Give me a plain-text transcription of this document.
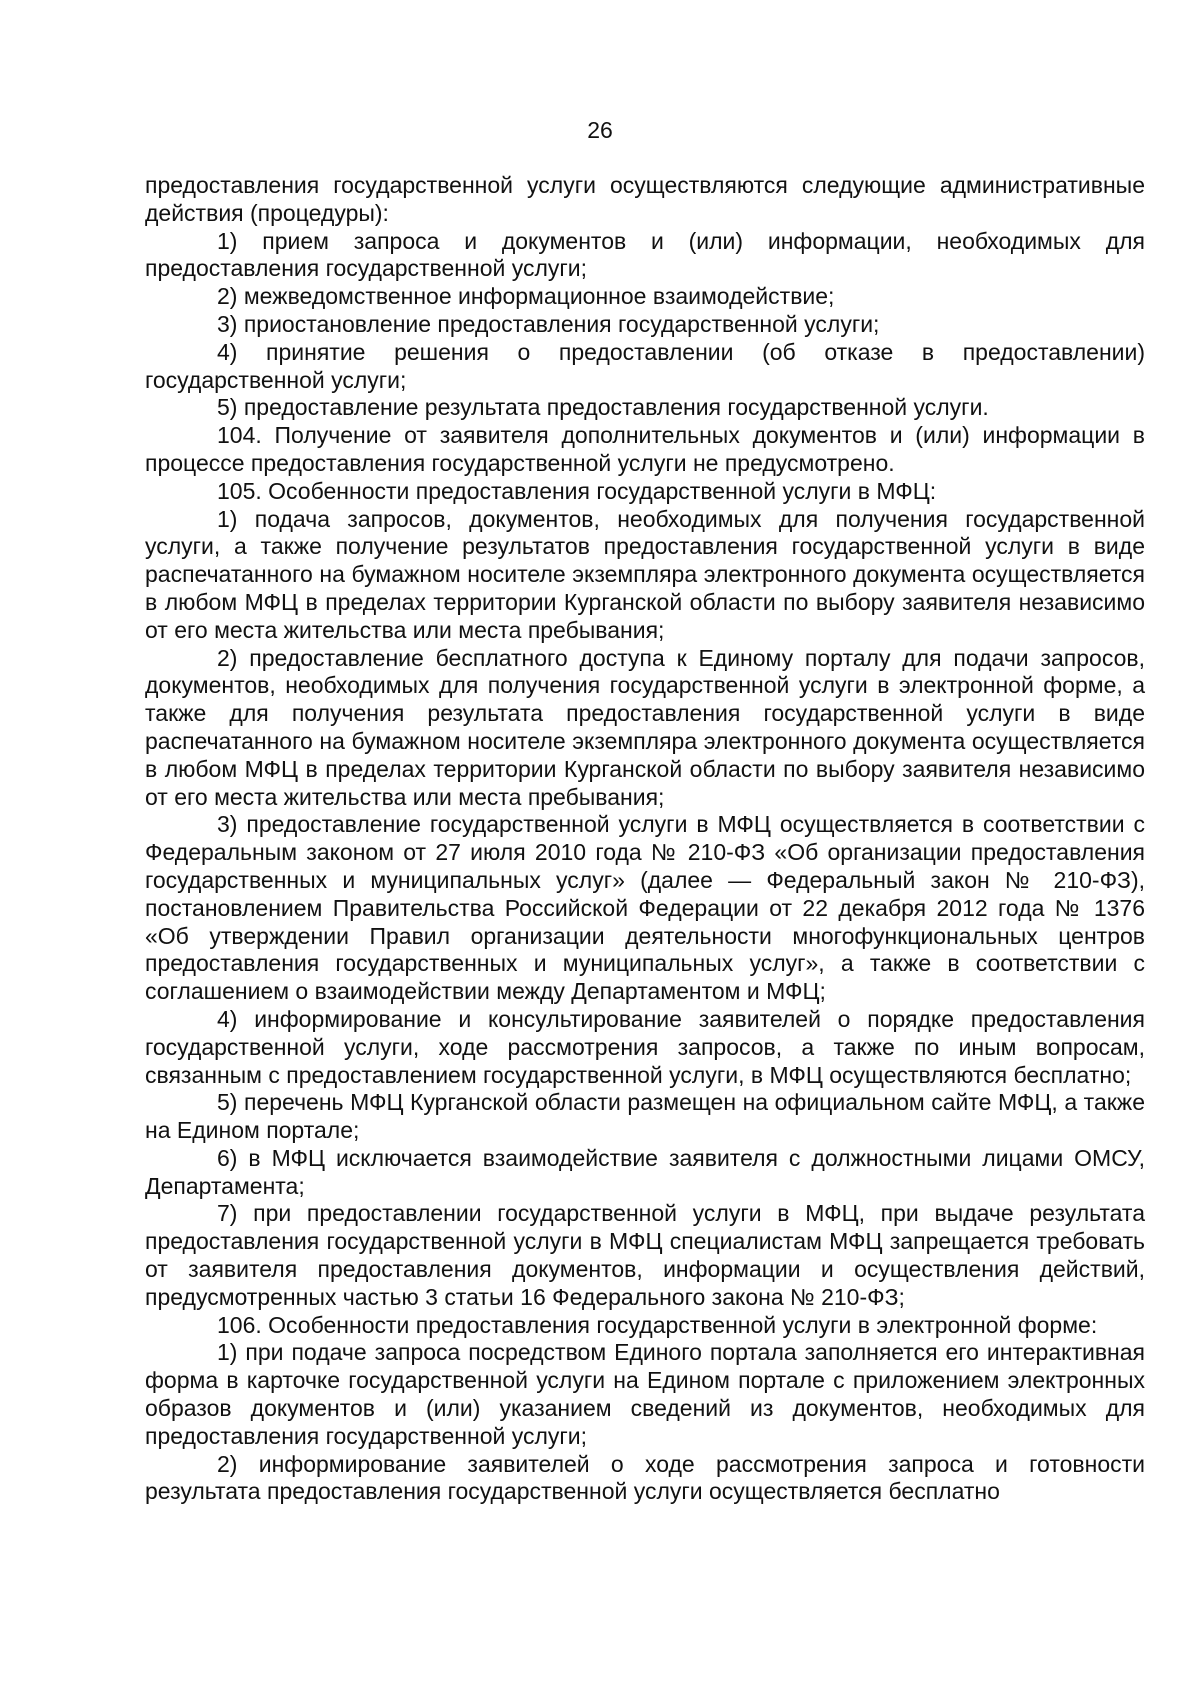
26

предоставления государственной услуги осуществляются следующие административные действия (процедуры):

1) прием запроса и документов и (или) информации, необходимых для предоставления государственной услуги;

2) межведомственное информационное взаимодействие;

3) приостановление предоставления государственной услуги;

4) принятие решения о предоставлении (об отказе в предоставлении) государственной услуги;

5) предоставление результата предоставления государственной услуги.

104. Получение от заявителя дополнительных документов и (или) информации в процессе предоставления государственной услуги не предусмотрено.

105. Особенности предоставления государственной услуги в МФЦ:

1) подача запросов, документов, необходимых для получения государственной услуги, а также получение результатов предоставления государственной услуги в виде распечатанного на бумажном носителе экземпляра электронного документа осуществляется в любом МФЦ в пределах территории Курганской области по выбору заявителя независимо от его места жительства или места пребывания;

2) предоставление бесплатного доступа к Единому порталу для подачи запросов, документов, необходимых для получения государственной услуги в электронной форме, а также для получения результата предоставления государственной услуги в виде распечатанного на бумажном носителе экземпляра электронного документа осуществляется в любом МФЦ в пределах территории Курганской области по выбору заявителя независимо от его места жительства или места пребывания;

3) предоставление государственной услуги в МФЦ осуществляется в соответствии с Федеральным законом от 27 июля 2010 года № 210-ФЗ «Об организации предоставления государственных и муниципальных услуг» (далее — Федеральный закон № 210-ФЗ), постановлением Правительства Российской Федерации от 22 декабря 2012 года № 1376 «Об утверждении Правил организации деятельности многофункциональных центров предоставления государственных и муниципальных услуг», а также в соответствии с соглашением о взаимодействии между Департаментом и МФЦ;

4) информирование и консультирование заявителей о порядке предоставления государственной услуги, ходе рассмотрения запросов, а также по иным вопросам, связанным с предоставлением государственной услуги, в МФЦ осуществляются бесплатно;

5) перечень МФЦ Курганской области размещен на официальном сайте МФЦ, а также на Едином портале;

6) в МФЦ исключается взаимодействие заявителя с должностными лицами ОМСУ, Департамента;

7) при предоставлении государственной услуги в МФЦ, при выдаче результата предоставления государственной услуги в МФЦ специалистам МФЦ запрещается требовать от заявителя предоставления документов, информации и осуществления действий, предусмотренных частью 3 статьи 16 Федерального закона № 210-ФЗ;

106. Особенности предоставления государственной услуги в электронной форме:

1) при подаче запроса посредством Единого портала заполняется его интерактивная форма в карточке государственной услуги на Едином портале с приложением электронных образов документов и (или) указанием сведений из документов, необходимых для предоставления государственной услуги;

2) информирование заявителей о ходе рассмотрения запроса и готовности результата предоставления государственной услуги осуществляется бесплатно
